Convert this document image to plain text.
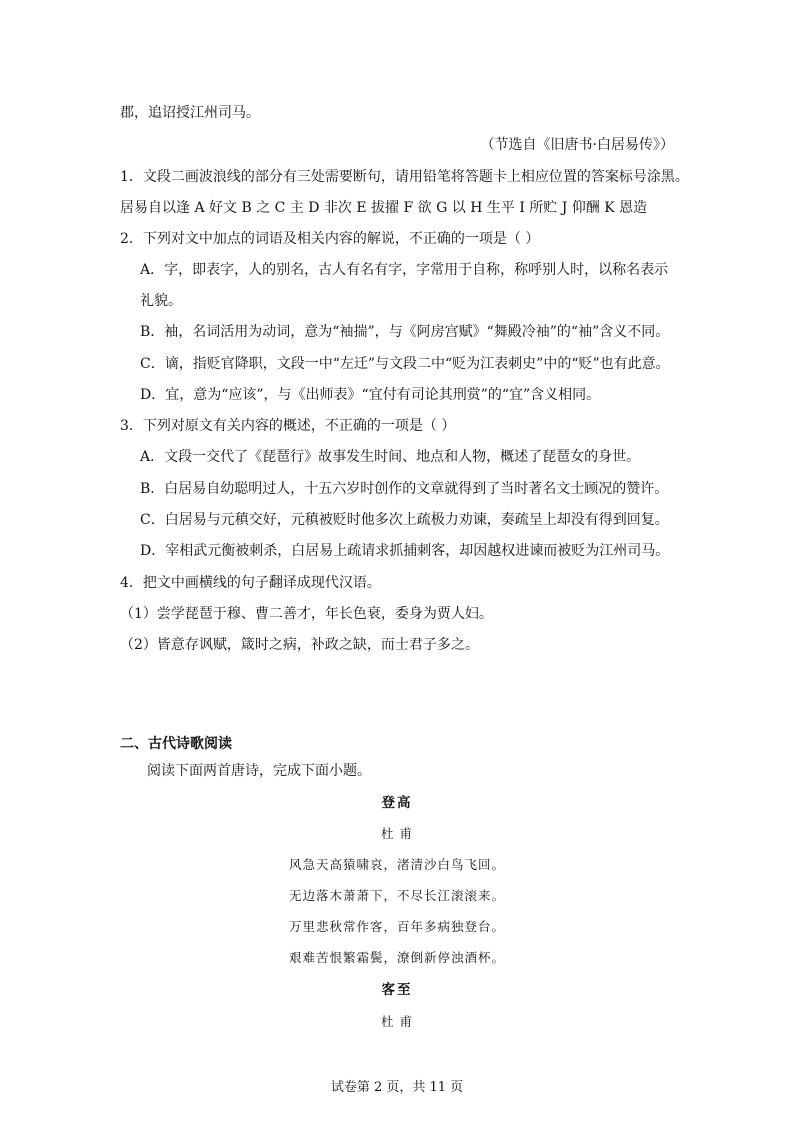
郡，追诏授江州司马。
（节选自《旧唐书·白居易传》）
1．文段二画波浪线的部分有三处需要断句，请用铅笔将答题卡上相应位置的答案标号涂黑。
居易自以逢 A 好文 B 之 C 主 D 非次 E 拔擢 F 欲 G 以 H 生平 I 所贮 J 仰酬 K 恩造
2．下列对文中加点的词语及相关内容的解说，不正确的一项是（ ）
A．字，即表字，人的别名，古人有名有字，字常用于自称，称呼别人时，以称名表示
礼貌。
B．袖，名词活用为动词，意为“袖揣”，与《阿房宫赋》“舞殿冷袖”的“袖”含义不同。
C．谪，指贬官降职，文段一中“左迁”与文段二中“贬为江表刺史”中的“贬”也有此意。
D．宜，意为“应该”，与《出师表》“宜付有司论其刑赏”的“宜”含义相同。
3．下列对原文有关内容的概述，不正确的一项是（ ）
A．文段一交代了《琵琶行》故事发生时间、地点和人物，概述了琵琶女的身世。
B．白居易自幼聪明过人，十五六岁时创作的文章就得到了当时著名文士顾况的赞许。
C．白居易与元稹交好，元稹被贬时他多次上疏极力劝谏，奏疏呈上却没有得到回复。
D．宰相武元衡被刺杀，白居易上疏请求抓捕刺客，却因越权进谏而被贬为江州司马。
4．把文中画横线的句子翻译成现代汉语。
（1）尝学琵琶于穆、曹二善才，年长色衰，委身为贾人妇。
（2）皆意存讽赋，箴时之病，补政之缺，而士君子多之。
二、古代诗歌阅读
阅读下面两首唐诗，完成下面小题。
登高
杜 甫
风急天高猿啸哀，渚清沙白鸟飞回。
无边落木萧萧下，不尽长江滚滚来。
万里悲秋常作客，百年多病独登台。
艰难苦恨繁霜鬓，潦倒新停浊酒杯。
客至
杜 甫
试卷第 2 页，共 11 页
